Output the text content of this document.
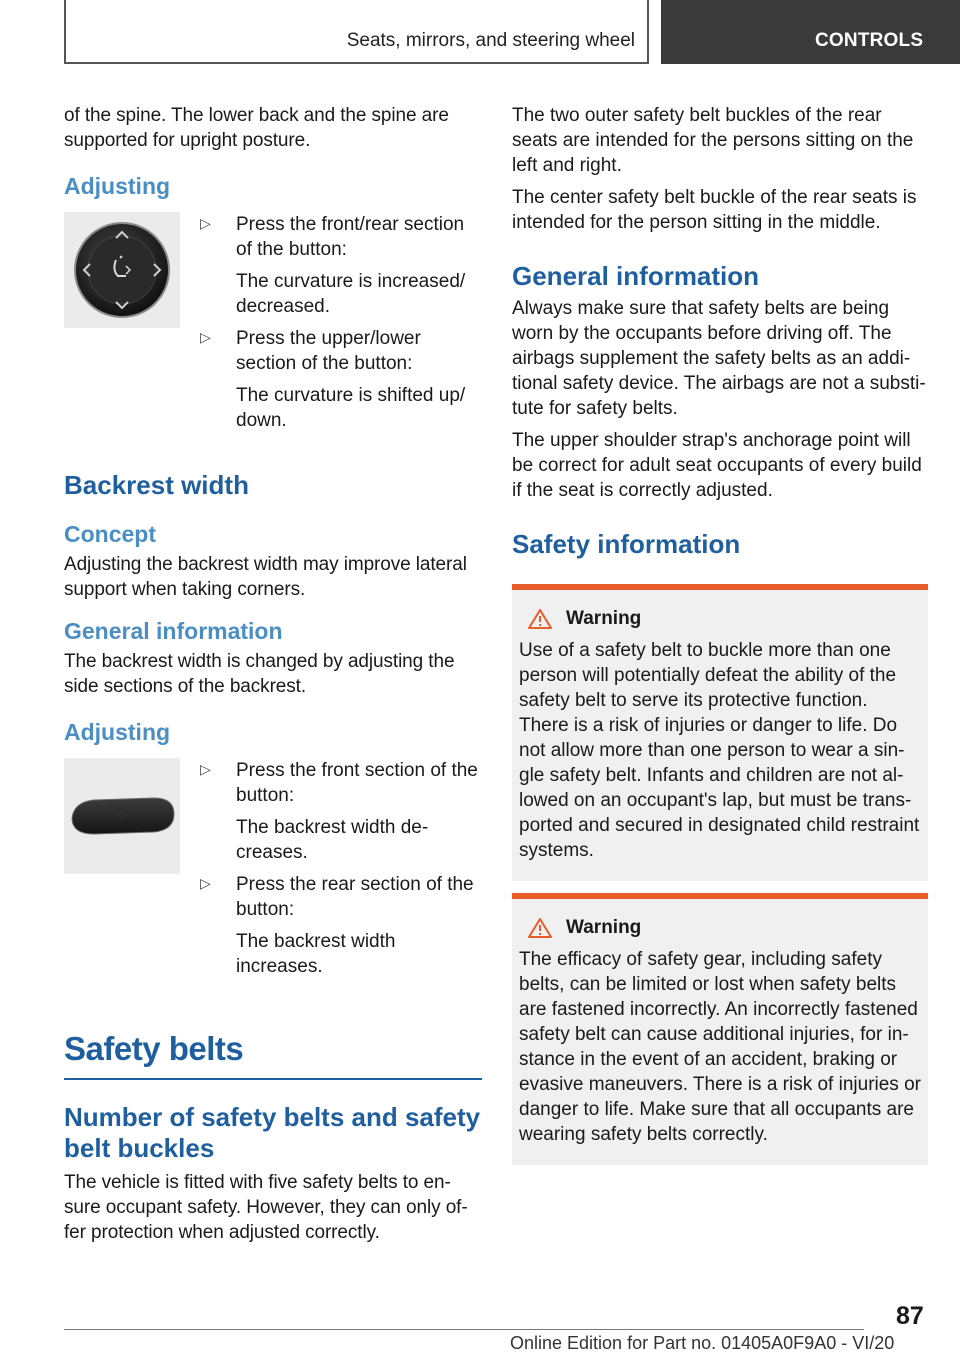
Seats, mirrors, and steering wheel	CONTROLS

of the spine. The lower back and the spine are supported for upright posture.

Adjusting
▷	Press the front/rear section of the button:

The curvature is increased/ decreased.

▷	Press the upper/lower section of the button:

The curvature is shifted up/ down.

Backrest width
Concept

Adjusting the backrest width may improve lateral support when taking corners.

General information

The backrest width is changed by adjusting the side sections of the backrest.

Adjusting
▷	Press the front section of the button:

The backrest width de‐ creases.

▷	Press the rear section of the button:

The backrest width increases.

Safety belts
Number of safety belts and safety belt buckles

The vehicle is fitted with five safety belts to en‐ sure occupant safety. However, they can only of‐ fer protection when adjusted correctly.

The two outer safety belt buckles of the rear seats are intended for the persons sitting on the left and right.

The center safety belt buckle of the rear seats is intended for the person sitting in the middle.

General information

Always make sure that safety belts are being worn by the occupants before driving off. The airbags supplement the safety belts as an addi‐ tional safety device. The airbags are not a substi‐ tute for safety belts.

The upper shoulder strap's anchorage point will be correct for adult seat occupants of every build if the seat is correctly adjusted.

Safety information
Warning

Use of a safety belt to buckle more than one person will potentially defeat the ability of the safety belt to serve its protective function. There is a risk of injuries or danger to life. Do not allow more than one person to wear a sin‐ gle safety belt. Infants and children are not al‐ lowed on an occupant's lap, but must be trans‐ ported and secured in designated child restraint systems.

Warning

The efficacy of safety gear, including safety belts, can be limited or lost when safety belts are fastened incorrectly. An incorrectly fastened safety belt can cause additional injuries, for in‐ stance in the event of an accident, braking or evasive maneuvers. There is a risk of injuries or danger to life. Make sure that all occupants are wearing safety belts correctly.

87
Online Edition for Part no. 01405A0F9A0 - VI/20
